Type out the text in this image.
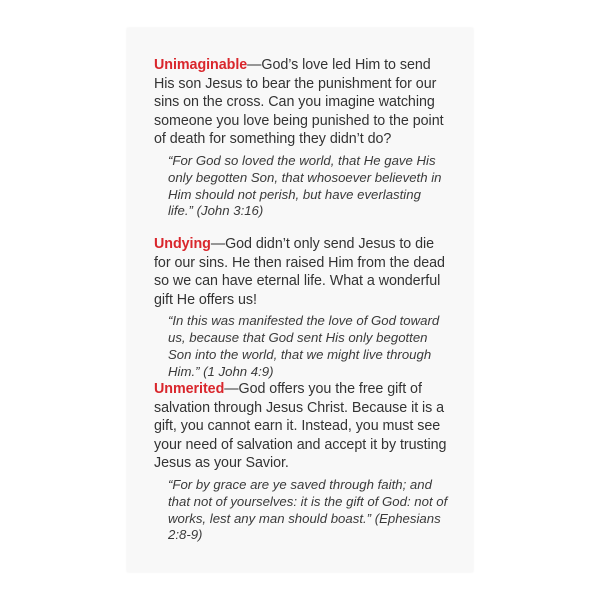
Unimaginable—God’s love led Him to send His son Jesus to bear the punishment for our sins on the cross. Can you imagine watching someone you love being punished to the point of death for something they didn’t do?

“For God so loved the world, that He gave His only begotten Son, that whosoever believeth in Him should not perish, but have everlasting life.” (John 3:16)

Undying—God didn’t only send Jesus to die for our sins. He then raised Him from the dead so we can have eternal life. What a wonderful gift He offers us!

“In this was manifested the love of God toward us, because that God sent His only begotten Son into the world, that we might live through Him.” (1 John 4:9)

Unmerited—God offers you the free gift of salvation through Jesus Christ. Because it is a gift, you cannot earn it. Instead, you must see your need of salvation and accept it by trusting Jesus as your Savior.

“For by grace are ye saved through faith; and that not of yourselves: it is the gift of God: not of works, lest any man should boast.” (Ephesians 2:8-9)
